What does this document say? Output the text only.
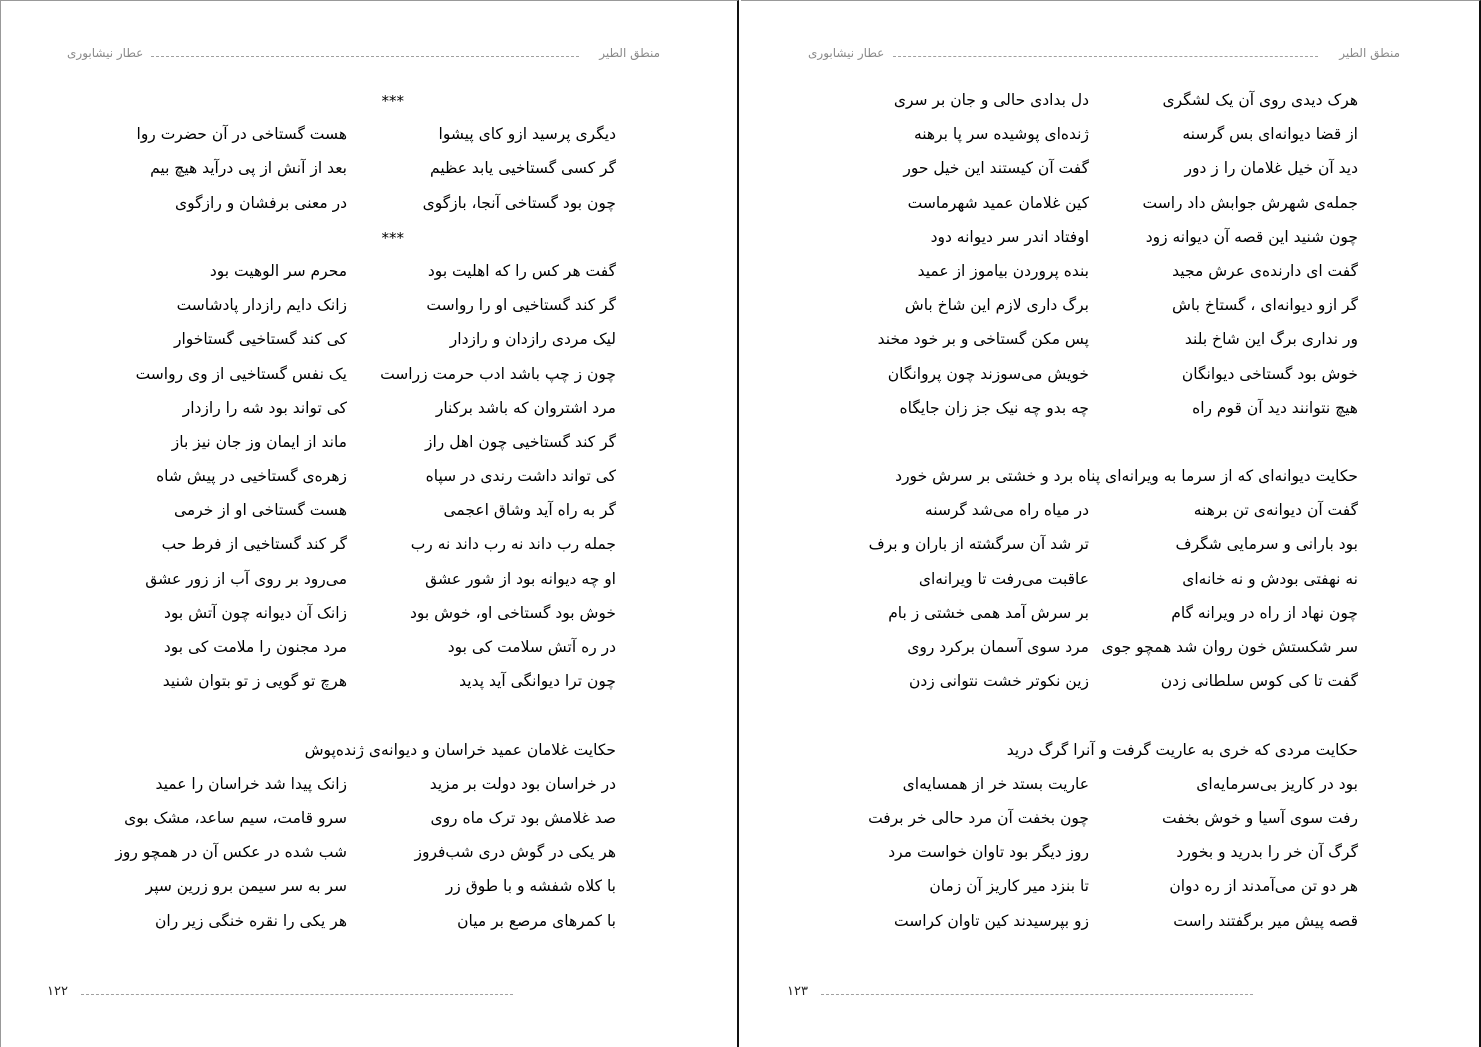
منطق الطیر
عطار نیشابوری
***
دیگری پرسید ازو کای پیشوا
هست گستاخی در آن حضرت روا
گر کسی گستاخیی یابد عظیم
بعد از آنش از پی درآید هیچ بیم
چون بود گستاخی آنجا، بازگوی
در معنی برفشان و رازگوی
***
گفت هر کس را که اهلیت بود
محرم سر الوهیت بود
گر کند گستاخیی او را رواست
زانک دایم رازدار پادشاست
لیک مردی رازدان و رازدار
کی کند گستاخیی گستاخوار
چون ز چپ باشد ادب حرمت زراست
یک نفس گستاخیی از وی رواست
مرد اشتروان که باشد برکنار
کی تواند بود شه را رازدار
گر کند گستاخیی چون اهل راز
ماند از ایمان وز جان نیز باز
کی تواند داشت رندی در سپاه
زهره‌ی گستاخیی در پیش شاه
گر به راه آید وشاق اعجمی
هست گستاخی او از خرمی
جمله رب داند نه رب داند نه رب
گر کند گستاخیی از فرط حب
او چه دیوانه بود از شور عشق
می‌رود بر روی آب از زور عشق
خوش بود گستاخی او، خوش بود
زانک آن دیوانه چون آتش بود
در ره آتش سلامت کی بود
مرد مجنون را ملامت کی بود
چون ترا دیوانگی آید پدید
هرچ تو گویی ز تو بتوان شنید
حکایت غلامان عمید خراسان و دیوانه‌ی ژنده‌پوش
در خراسان بود دولت بر مزید
زانک پیدا شد خراسان را عمید
صد غلامش بود ترک ماه روی
سرو قامت، سیم ساعد، مشک بوی
هر یکی در گوش دری شب‌فروز
شب شده در عکس آن در همچو روز
با کلاه شفشه و با طوق زر
سر به سر سیمن برو زرین سپر
با کمرهای مرصع بر میان
هر یکی را نقره خنگی زیر ران
۱۲۲
منطق الطیر
عطار نیشابوری
هرک دیدی روی آن یک لشگری
دل بدادی حالی و جان بر سری
از قضا دیوانه‌ای بس گرسنه
ژنده‌ای پوشیده سر پا برهنه
دید آن خیل غلامان را ز دور
گفت آن کیستند این خیل حور
جمله‌ی شهرش جوابش داد راست
کین غلامان عمید شهرماست
چون شنید این قصه آن دیوانه زود
اوفتاد اندر سر دیوانه دود
گفت ای دارنده‌ی عرش مجید
بنده پروردن بیاموز از عمید
گر ازو دیوانه‌ای ، گستاخ باش
برگ داری لازم این شاخ باش
ور نداری برگ این شاخ بلند
پس مکن گستاخی و بر خود مخند
خوش بود گستاخی دیوانگان
خویش می‌سوزند چون پروانگان
هیچ نتوانند دید آن قوم راه
چه بدو چه نیک جز زان جایگاه
حکایت دیوانه‌ای که از سرما به ویرانه‌ای پناه برد و خشتی بر سرش خورد
گفت آن دیوانه‌ی تن برهنه
در میاه راه می‌شد گرسنه
بود بارانی و سرمایی شگرف
تر شد آن سرگشته از باران و برف
نه نهفتی بودش و نه خانه‌ای
عاقبت می‌رفت تا ویرانه‌ای
چون نهاد از راه در ویرانه گام
بر سرش آمد همی خشتی ز بام
سر شکستش خون روان شد همچو جوی
مرد سوی آسمان برکرد روی
گفت تا کی کوس سلطانی زدن
زین نکوتر خشت نتوانی زدن
حکایت مردی که خری به عاریت گرفت و آنرا گرگ درید
بود در کاریز بی‌سرمایه‌ای
عاریت بستد خر از همسایه‌ای
رفت سوی آسیا و خوش بخفت
چون بخفت آن مرد حالی خر برفت
گرگ آن خر را بدرید و بخورد
روز دیگر بود تاوان خواست مرد
هر دو تن می‌آمدند از ره دوان
تا بنزد میر کاریز آن زمان
قصه پیش میر برگفتند راست
زو بپرسیدند کین تاوان کراست
۱۲۳
